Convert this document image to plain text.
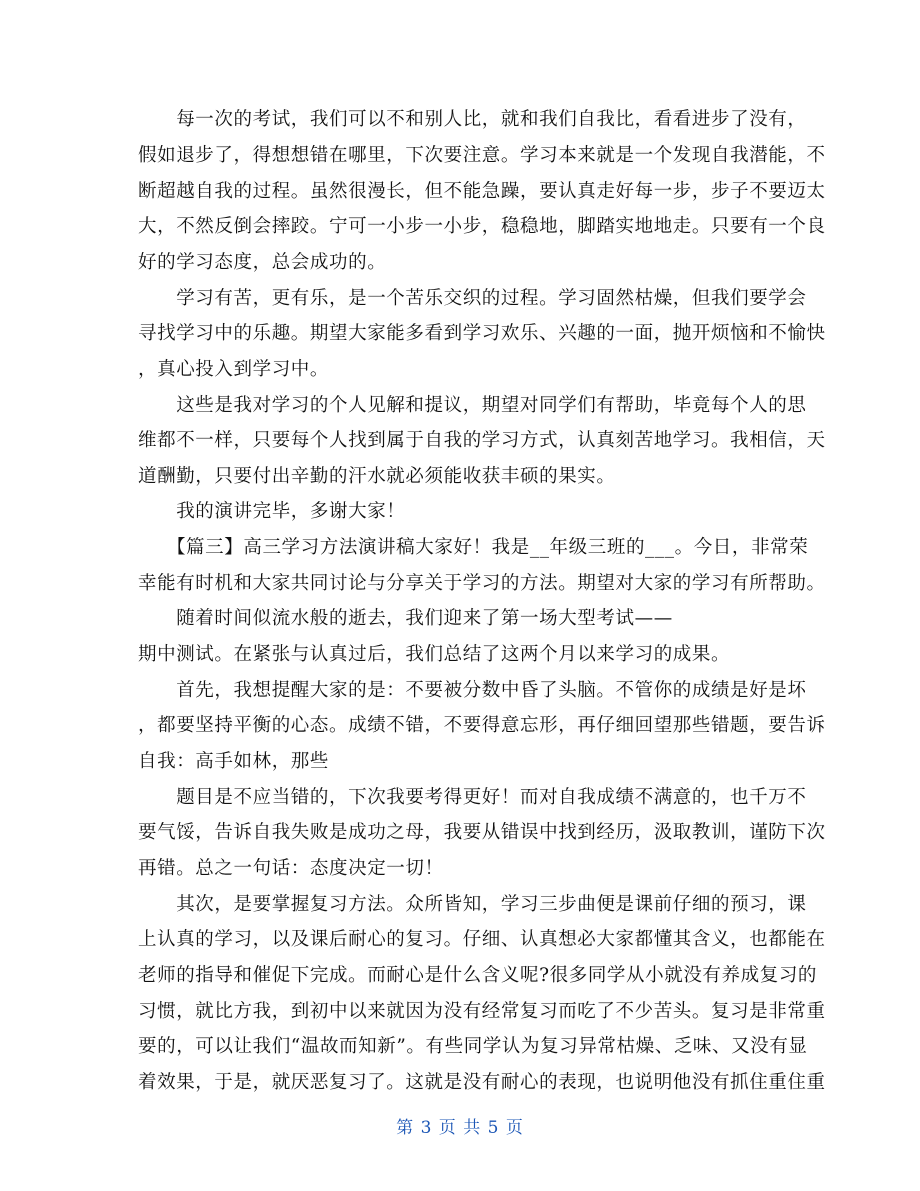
　　每一次的考试，我们可以不和别人比，就和我们自我比，看看进步了没有，
假如退步了，得想想错在哪里，下次要注意。学习本来就是一个发现自我潜能，不
断超越自我的过程。虽然很漫长，但不能急躁，要认真走好每一步，步子不要迈太
大，不然反倒会摔跤。宁可一小步一小步，稳稳地，脚踏实地地走。只要有一个良
好的学习态度，总会成功的。
　　学习有苦，更有乐，是一个苦乐交织的过程。学习固然枯燥，但我们要学会
寻找学习中的乐趣。期望大家能多看到学习欢乐、兴趣的一面，抛开烦恼和不愉快
，真心投入到学习中。
　　这些是我对学习的个人见解和提议，期望对同学们有帮助，毕竟每个人的思
维都不一样，只要每个人找到属于自我的学习方式，认真刻苦地学习。我相信，天
道酬勤，只要付出辛勤的汗水就必须能收获丰硕的果实。
　　我的演讲完毕，多谢大家！
　　【篇三】高三学习方法演讲稿大家好！我是__年级三班的___。今日，非常荣
幸能有时机和大家共同讨论与分享关于学习的方法。期望对大家的学习有所帮助。
　　随着时间似流水般的逝去，我们迎来了第一场大型考试——
期中测试。在紧张与认真过后，我们总结了这两个月以来学习的成果。
　　首先，我想提醒大家的是：不要被分数中昏了头脑。不管你的成绩是好是坏
，都要坚持平衡的心态。成绩不错，不要得意忘形，再仔细回望那些错题，要告诉
自我：高手如林，那些
　　题目是不应当错的，下次我要考得更好！而对自我成绩不满意的，也千万不
要气馁，告诉自我失败是成功之母，我要从错误中找到经历，汲取教训，谨防下次
再错。总之一句话：态度决定一切！
　　其次，是要掌握复习方法。众所皆知，学习三步曲便是课前仔细的预习，课
上认真的学习，以及课后耐心的复习。仔细、认真想必大家都懂其含义，也都能在
老师的指导和催促下完成。而耐心是什么含义呢?很多同学从小就没有养成复习的
习惯，就比方我，到初中以来就因为没有经常复习而吃了不少苦头。复习是非常重
要的，可以让我们“温故而知新”。有些同学认为复习异常枯燥、乏味、又没有显
着效果，于是，就厌恶复习了。这就是没有耐心的表现，也说明他没有抓住重住重
第 3 页 共 5 页
